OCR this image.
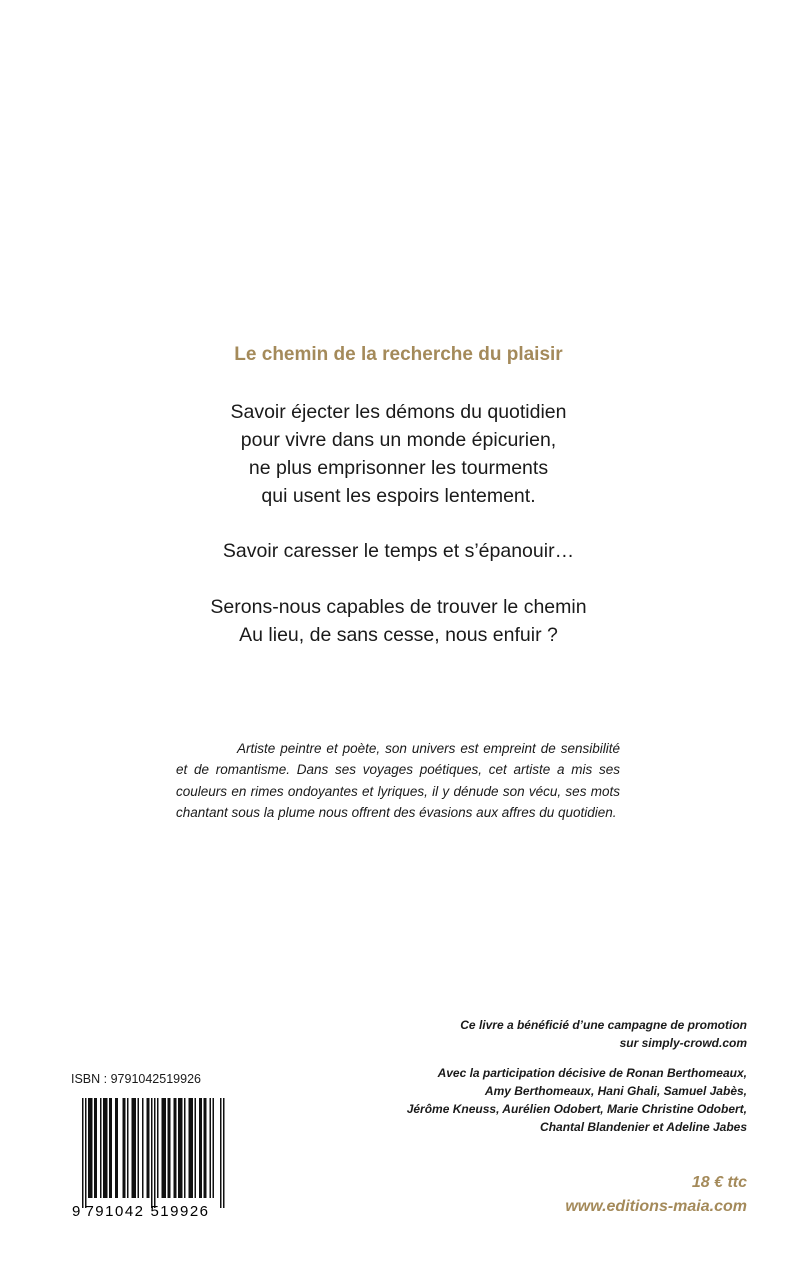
Le chemin de la recherche du plaisir
Savoir éjecter les démons du quotidien
pour vivre dans un monde épicurien,
ne plus emprisonner les tourments
qui usent les espoirs lentement.
Savoir caresser le temps et s’épanouir…
Serons-nous capables de trouver le chemin
Au lieu, de sans cesse, nous enfuir ?

Artiste peintre et poète, son univers est empreint de sensibilité et de romantisme. Dans ses voyages poétiques, cet artiste a mis ses couleurs en rimes ondoyantes et lyriques, il y dénude son vécu, ses mots chantant sous la plume nous offrent des évasions aux affres du quotidien.

Ce livre a bénéficié d’une campagne de promotion
sur simply-crowd.com
Avec la participation décisive de Ronan Berthomeaux,
Amy Berthomeaux, Hani Ghali, Samuel Jabès,
Jérôme Kneuss, Aurélien Odobert, Marie Christine Odobert,
Chantal Blandenier et Adeline Jabes

ISBN : 9791042519926

9 791042 519926

18 € ttc

www.editions-maia.com
